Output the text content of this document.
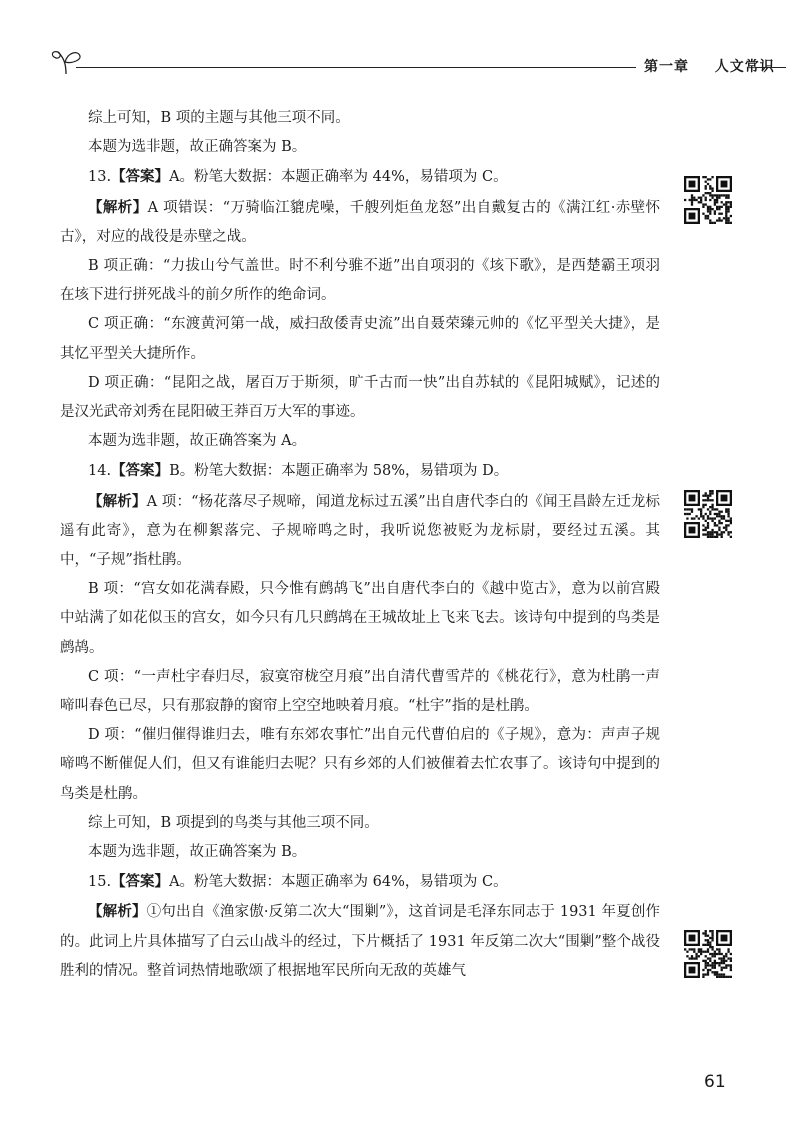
第一章 人文常识

综上可知，B 项的主题与其他三项不同。

本题为选非题，故正确答案为 B。

13.【答案】A。粉笔大数据：本题正确率为 44%，易错项为 C。

【解析】A 项错误：“万骑临江貔虎噪，千艘列炬鱼龙怒”出自戴复古的《满江红·赤壁怀古》，对应的战役是赤壁之战。

B 项正确：“力拔山兮气盖世。时不利兮骓不逝”出自项羽的《垓下歌》，是西楚霸王项羽在垓下进行拼死战斗的前夕所作的绝命词。

C 项正确：“东渡黄河第一战，威扫敌倭青史流”出自聂荣臻元帅的《忆平型关大捷》，是其忆平型关大捷所作。

D 项正确：“昆阳之战，屠百万于斯须，旷千古而一快”出自苏轼的《昆阳城赋》，记述的是汉光武帝刘秀在昆阳破王莽百万大军的事迹。

本题为选非题，故正确答案为 A。

14.【答案】B。粉笔大数据：本题正确率为 58%，易错项为 D。

【解析】A 项：“杨花落尽子规啼，闻道龙标过五溪”出自唐代李白的《闻王昌龄左迁龙标遥有此寄》，意为在柳絮落完、子规啼鸣之时，我听说您被贬为龙标尉，要经过五溪。其中，“子规”指杜鹃。

B 项：“宫女如花满春殿，只今惟有鹧鸪飞”出自唐代李白的《越中览古》，意为以前宫殿中站满了如花似玉的宫女，如今只有几只鹧鸪在王城故址上飞来飞去。该诗句中提到的鸟类是鹧鸪。

C 项：“一声杜宇春归尽，寂寞帘栊空月痕”出自清代曹雪芹的《桃花行》，意为杜鹃一声啼叫春色已尽，只有那寂静的窗帘上空空地映着月痕。“杜宇”指的是杜鹃。

D 项：“催归催得谁归去，唯有东郊农事忙”出自元代曹伯启的《子规》，意为：声声子规啼鸣不断催促人们，但又有谁能归去呢？只有乡郊的人们被催着去忙农事了。该诗句中提到的鸟类是杜鹃。

综上可知，B 项提到的鸟类与其他三项不同。

本题为选非题，故正确答案为 B。

15.【答案】A。粉笔大数据：本题正确率为 64%，易错项为 C。

【解析】①句出自《渔家傲·反第二次大“围剿”》，这首词是毛泽东同志于 1931 年夏创作的。此词上片具体描写了白云山战斗的经过，下片概括了 1931 年反第二次大“围剿”整个战役胜利的情况。整首词热情地歌颂了根据地军民所向无敌的英雄气

61
